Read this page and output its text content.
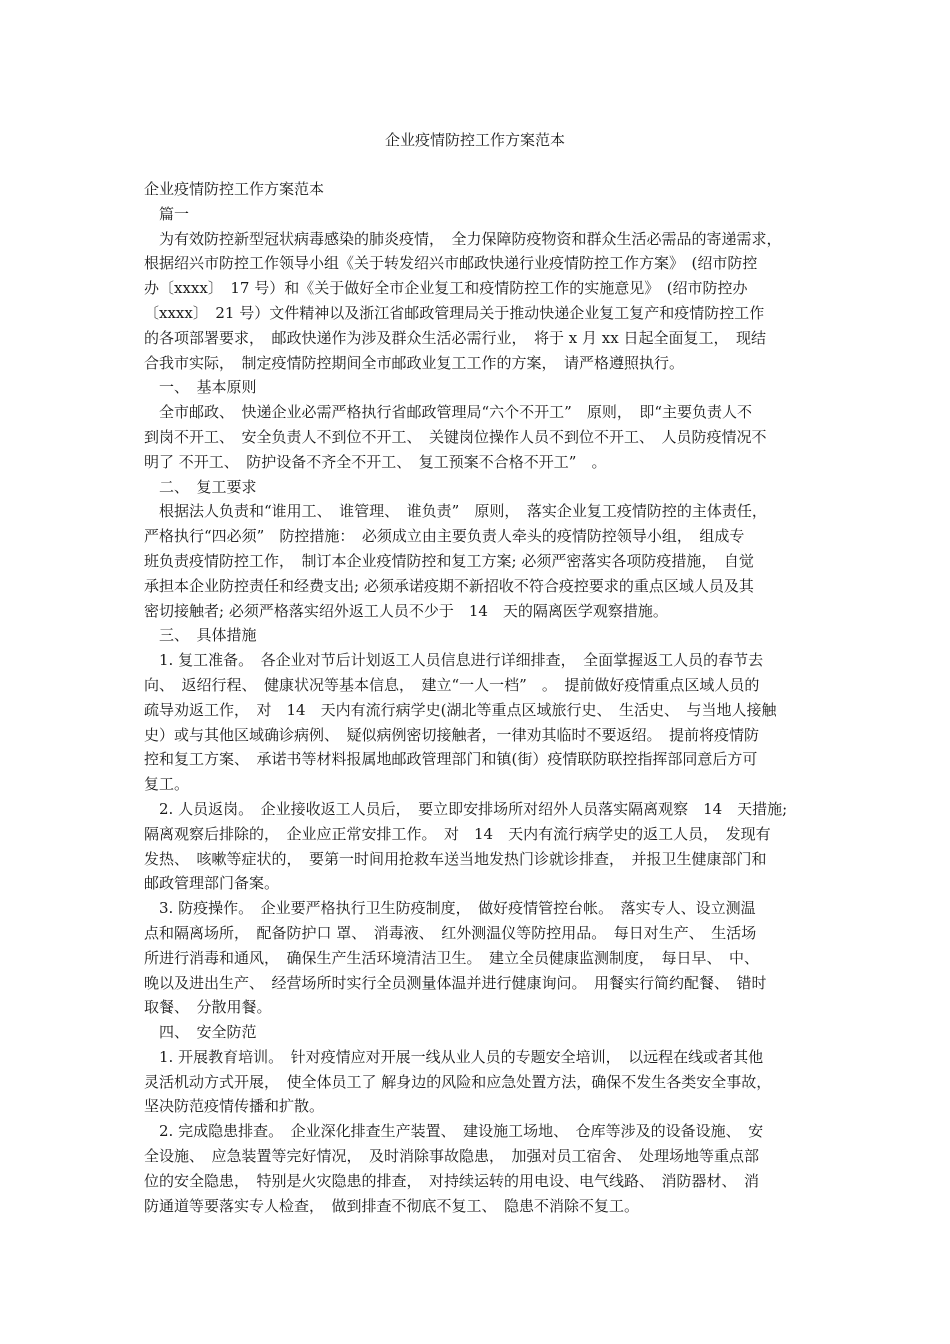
企业疫情防控工作方案范本

企业疫情防控工作方案范本

　篇一

　为有效防控新型冠状病毒感染的肺炎疫情，　全力保障防疫物资和群众生活必需品的寄递需求，
根据绍兴市防控工作领导小组《关于转发绍兴市邮政快递行业疫情防控工作方案》　(绍市防控
办〔xxxx〕　17 号）和《关于做好全市企业复工和疫情防控工作的实施意见》　(绍市防控办
〔xxxx〕　21 号）文件精神以及浙江省邮政管理局关于推动快递企业复工复产和疫情防控工作
的各项部署要求，　邮政快递作为涉及群众生活必需行业，　将于 x 月 xx 日起全面复工，　现结
合我市实际，　制定疫情防控期间全市邮政业复工工作的方案，　请严格遵照执行。

　一、　基本原则

　全市邮政、　快递企业必需严格执行省邮政管理局“六个不开工”　原则，　即“主要负责人不
到岗不开工、　安全负责人不到位不开工、　关键岗位操作人员不到位不开工、　人员防疫情况不
明了 不开工、　防护设备不齐全不开工、　复工预案不合格不开工”　。

　二、　复工要求

　根据法人负责和“谁用工、　谁管理、　谁负责”　原则，　落实企业复工疫情防控的主体责任，
严格执行“四必须”　防控措施：　必须成立由主要负责人牵头的疫情防控领导小组，　组成专
班负责疫情防控工作，　制订本企业疫情防控和复工方案; 必须严密落实各项防疫措施，　自觉
承担本企业防控责任和经费支出; 必须承诺疫期不新招收不符合疫控要求的重点区域人员及其
密切接触者; 必须严格落实绍外返工人员不少于　14　天的隔离医学观察措施。

　三、　具体措施

　1. 复工准备。　各企业对节后计划返工人员信息进行详细排查，　全面掌握返工人员的春节去
向、　返绍行程、　健康状况等基本信息，　建立“一人一档”　。　提前做好疫情重点区域人员的
疏导劝返工作，　对　14　天内有流行病学史(湖北等重点区域旅行史、　生活史、　与当地人接触
史）或与其他区域确诊病例、　疑似病例密切接触者，一律劝其临时不要返绍。　提前将疫情防
控和复工方案、　承诺书等材料报属地邮政管理部门和镇(街）疫情联防联控指挥部同意后方可
复工。

　2. 人员返岗。　企业接收返工人员后，　要立即安排场所对绍外人员落实隔离观察　14　天措施;
隔离观察后排除的，　企业应正常安排工作。　对　14　天内有流行病学史的返工人员，　发现有
发热、　咳嗽等症状的，　要第一时间用抢救车送当地发热门诊就诊排查，　并报卫生健康部门和
邮政管理部门备案。

　3. 防疫操作。　企业要严格执行卫生防疫制度，　做好疫情管控台帐。　落实专人、设立测温
点和隔离场所，　配备防护口 罩、　消毒液、　红外测温仪等防控用品。　每日对生产、　生活场
所进行消毒和通风，　确保生产生活环境清洁卫生。　建立全员健康监测制度，　每日早、　中、
晚以及进出生产、　经营场所时实行全员测量体温并进行健康询问。　用餐实行简约配餐、　错时
取餐、　分散用餐。

　四、　安全防范

　1. 开展教育培训。　针对疫情应对开展一线从业人员的专题安全培训，　以远程在线或者其他
灵活机动方式开展，　使全体员工了 解身边的风险和应急处置方法，确保不发生各类安全事故，
坚决防范疫情传播和扩散。

　2. 完成隐患排查。　企业深化排查生产装置、　建设施工场地、　仓库等涉及的设备设施、　安
全设施、　应急装置等完好情况，　及时消除事故隐患，　加强对员工宿舍、　处理场地等重点部
位的安全隐患，　特别是火灾隐患的排查，　对持续运转的用电设、电气线路、　消防器材、　消
防通道等要落实专人检查，　做到排查不彻底不复工、　隐患不消除不复工。
